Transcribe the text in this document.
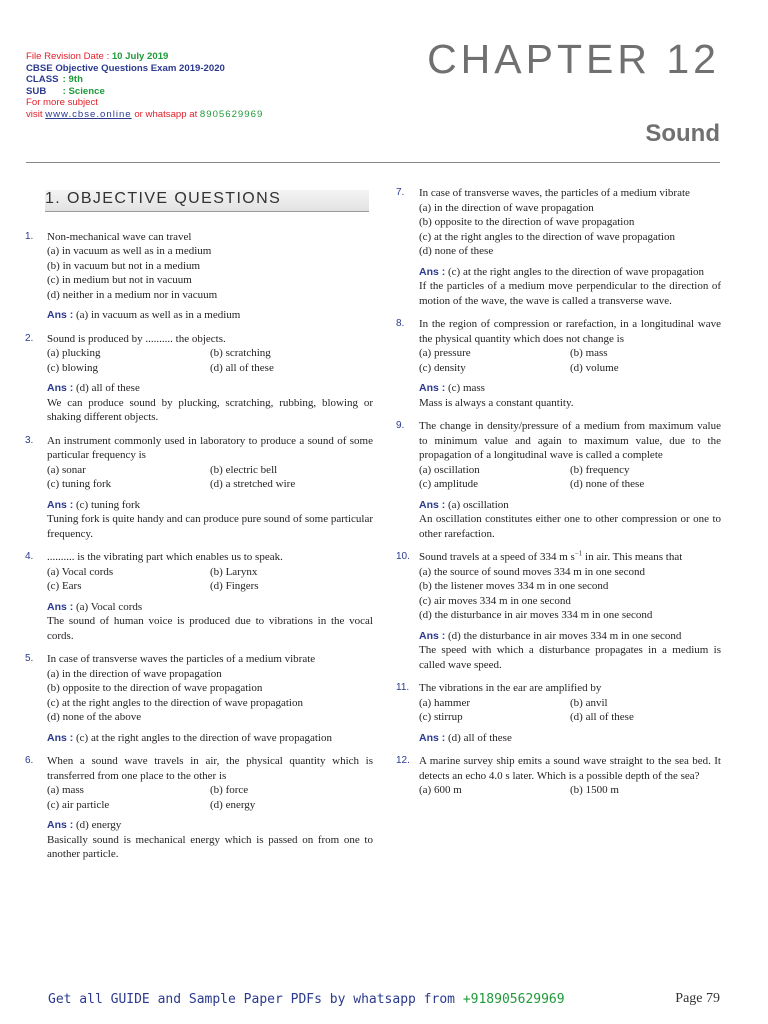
File Revision Date : 10 July 2019
CBSE Objective Questions Exam 2019-2020
CLASS : 9th
SUB : Science
For more subject
visit www.cbse.online or whatsapp at 8905629969
CHAPTER 12
Sound
1. OBJECTIVE QUESTIONS
1. Non-mechanical wave can travel
(a) in vacuum as well as in a medium
(b) in vacuum but not in a medium
(c) in medium but not in vacuum
(d) neither in a medium nor in vacuum
Ans : (a) in vacuum as well as in a medium
2. Sound is produced by .......... the objects.
(a) plucking	(b) scratching
(c) blowing	(d) all of these
Ans : (d) all of these
We can produce sound by plucking, scratching, rubbing, blowing or shaking different objects.
3. An instrument commonly used in laboratory to produce a sound of some particular frequency is
(a) sonar	(b) electric bell
(c) tuning fork	(d) a stretched wire
Ans : (c) tuning fork
Tuning fork is quite handy and can produce pure sound of some particular frequency.
4. .......... is the vibrating part which enables us to speak.
(a) Vocal cords	(b) Larynx
(c) Ears	(d) Fingers
Ans : (a) Vocal cords
The sound of human voice is produced due to vibrations in the vocal cords.
5. In case of transverse waves the particles of a medium vibrate
(a) in the direction of wave propagation
(b) opposite to the direction of wave propagation
(c) at the right angles to the direction of wave propagation
(d) none of the above
Ans : (c) at the right angles to the direction of wave propagation
6. When a sound wave travels in air, the physical quantity which is transferred from one place to the other is
(a) mass	(b) force
(c) air particle	(d) energy
Ans : (d) energy
Basically sound is mechanical energy which is passed on from one to another particle.
7. In case of transverse waves, the particles of a medium vibrate
(a) in the direction of wave propagation
(b) opposite to the direction of wave propagation
(c) at the right angles to the direction of wave propagation
(d) none of these
Ans : (c) at the right angles to the direction of wave propagation
If the particles of a medium move perpendicular to the direction of motion of the wave, the wave is called a transverse wave.
8. In the region of compression or rarefaction, in a longitudinal wave the physical quantity which does not change is
(a) pressure	(b) mass
(c) density	(d) volume
Ans : (c) mass
Mass is always a constant quantity.
9. The change in density/pressure of a medium from maximum value to minimum value and again to maximum value, due to the propagation of a longitudinal wave is called a complete
(a) oscillation	(b) frequency
(c) amplitude	(d) none of these
Ans : (a) oscillation
An oscillation constitutes either one to other compression or one to other rarefaction.
10. Sound travels at a speed of 334 m $s^{-1}$ in air. This means that
(a) the source of sound moves 334 m in one second
(b) the listener moves 334 m in one second
(c) air moves 334 m in one second
(d) the disturbance in air moves 334 m in one second
Ans : (d) the disturbance in air moves 334 m in one second
The speed with which a disturbance propagates in a medium is called wave speed.
11. The vibrations in the ear are amplified by
(a) hammer	(b) anvil
(c) stirrup	(d) all of these
Ans : (d) all of these
12. A marine survey ship emits a sound wave straight to the sea bed. It detects an echo 4.0 s later. Which is a possible depth of the sea?
(a) 600 m	(b) 1500 m
Get all GUIDE and Sample Paper PDFs by whatsapp from +918905629969	Page 79
